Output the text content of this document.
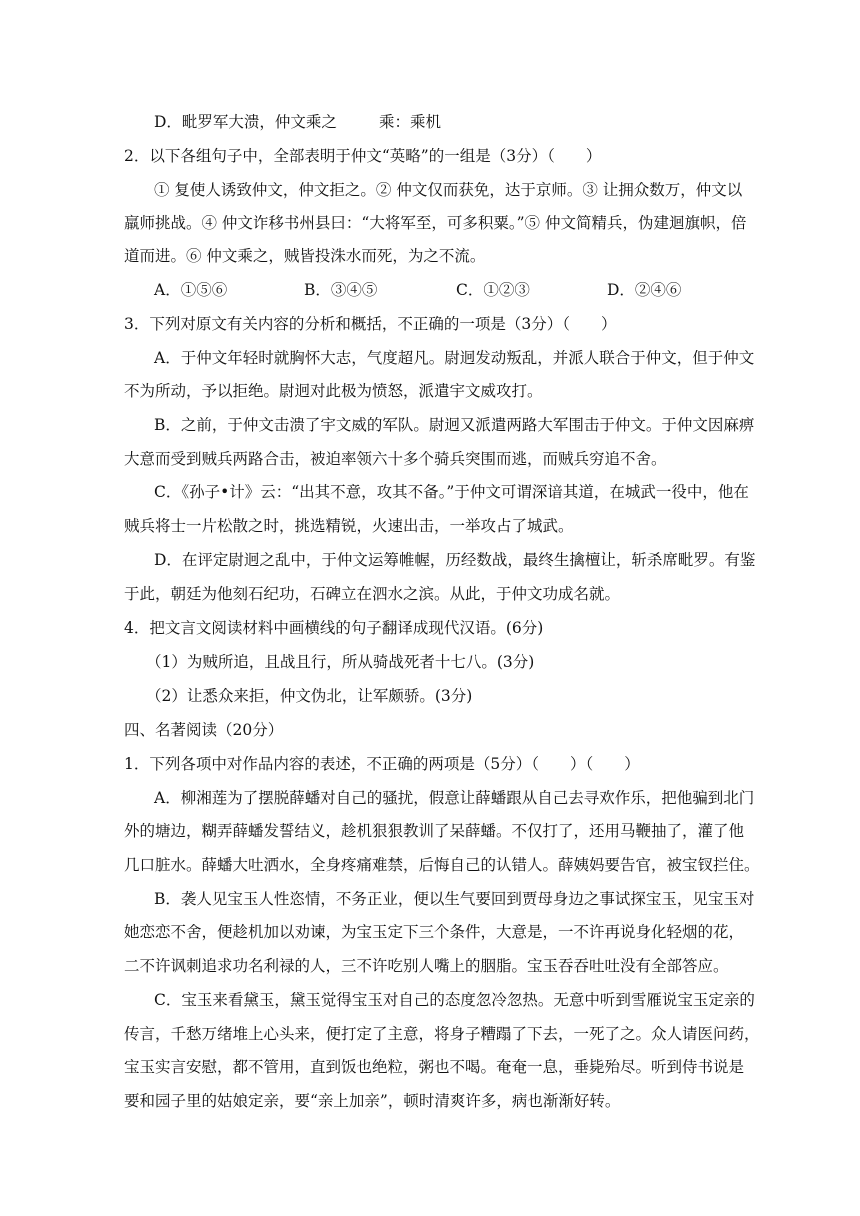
D．毗罗军大溃，仲文乘之	乘：乘机
2．以下各组句子中，全部表明于仲文“英略”的一组是（3分）（　　）
① 复使人诱致仲文，仲文拒之。② 仲文仅而获免，达于京师。③ 让拥众数万，仲文以
羸师挑战。④ 仲文诈移书州县曰：“大将军至，可多积粟。”⑤ 仲文简精兵，伪建迴旗帜，倍
道而进。⑥ 仲文乘之，贼皆投洙水而死，为之不流。
A．①⑤⑥	B．③④⑤	C．①②③	D．②④⑥
3．下列对原文有关内容的分析和概括，不正确的一项是（3分）（　　）
A．于仲文年轻时就胸怀大志，气度超凡。尉迥发动叛乱，并派人联合于仲文，但于仲文
不为所动，予以拒绝。尉迥对此极为愤怒，派遣宇文威攻打。
B．之前，于仲文击溃了宇文威的军队。尉迥又派遣两路大军围击于仲文。于仲文因麻痹
大意而受到贼兵两路合击，被迫率领六十多个骑兵突围而逃，而贼兵穷追不舍。
C．《孙子•计》云：“出其不意，攻其不备。”于仲文可谓深谙其道，在城武一役中，他在
贼兵将士一片松散之时，挑选精锐，火速出击，一举攻占了城武。
D．在评定尉迥之乱中，于仲文运筹帷幄，历经数战，最终生擒檀让，斩杀席毗罗。有鉴
于此，朝廷为他刻石纪功，石碑立在泗水之滨。从此，于仲文功成名就。
4．把文言文阅读材料中画横线的句子翻译成现代汉语。(6分)
（1）为贼所追，且战且行，所从骑战死者十七八。(3分)
（2）让悉众来拒，仲文伪北，让军颇骄。(3分)
四、名著阅读（20分）
1．下列各项中对作品内容的表述，不正确的两项是（5分）（　　）（　　）
A．柳湘莲为了摆脱薛蟠对自己的骚扰，假意让薛蟠跟从自己去寻欢作乐，把他骗到北门
外的塘边，糊弄薛蟠发誓结义，趁机狠狠教训了呆薛蟠。不仅打了，还用马鞭抽了，灌了他
几口脏水。薛蟠大吐洒水，全身疼痛难禁，后悔自己的认错人。薛姨妈要告官，被宝钗拦住。
B．袭人见宝玉人性恣情，不务正业，便以生气要回到贾母身边之事试探宝玉，见宝玉对
她恋恋不舍，便趁机加以劝谏，为宝玉定下三个条件，大意是，一不许再说身化轻烟的花，
二不许讽刺追求功名利禄的人，三不许吃别人嘴上的胭脂。宝玉吞吞吐吐没有全部答应。
C．宝玉来看黛玉，黛玉觉得宝玉对自己的态度忽冷忽热。无意中听到雪雁说宝玉定亲的
传言，千愁万绪堆上心头来，便打定了主意，将身子糟蹋了下去，一死了之。众人请医问药，
宝玉实言安慰，都不管用，直到饭也绝粒，粥也不喝。奄奄一息，垂毙殆尽。听到侍书说是
要和园子里的姑娘定亲，要“亲上加亲”，顿时清爽许多，病也渐渐好转。
